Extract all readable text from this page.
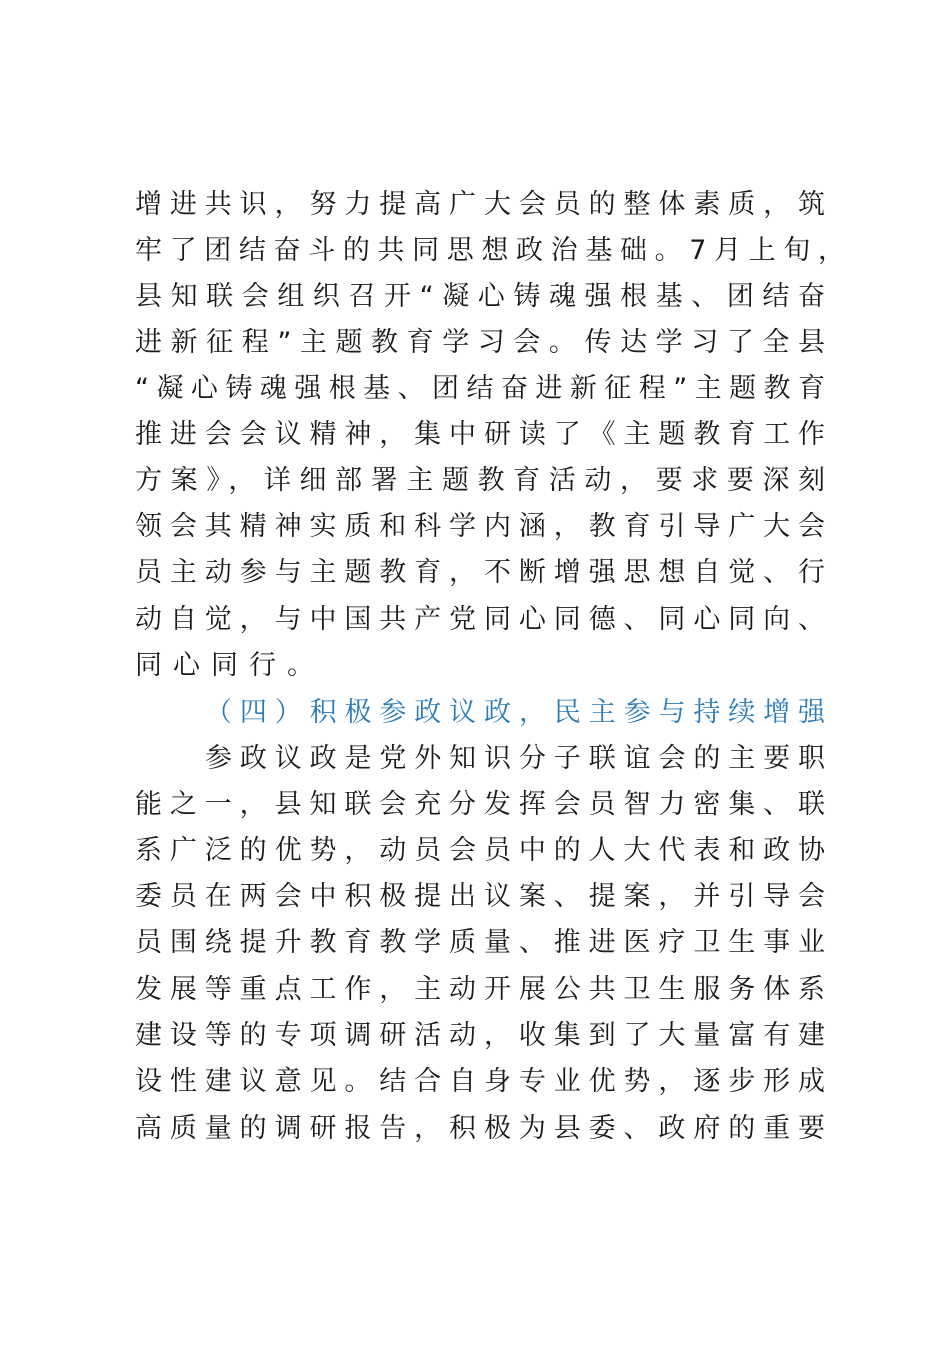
增进共识，努力提高广大会员的整体素质，筑
牢了团结奋斗的共同思想政治基础。7月上旬，
县知联会组织召开“凝心铸魂强根基、团结奋
进新征程”主题教育学习会。传达学习了全县
“凝心铸魂强根基、团结奋进新征程”主题教育
推进会会议精神，集中研读了《主题教育工作
方案》，详细部署主题教育活动，要求要深刻
领会其精神实质和科学内涵，教育引导广大会
员主动参与主题教育，不断增强思想自觉、行
动自觉，与中国共产党同心同德、同心同向、
同心同行。
（四）积极参政议政，民主参与持续增强
参政议政是党外知识分子联谊会的主要职
能之一，县知联会充分发挥会员智力密集、联
系广泛的优势，动员会员中的人大代表和政协
委员在两会中积极提出议案、提案，并引导会
员围绕提升教育教学质量、推进医疗卫生事业
发展等重点工作，主动开展公共卫生服务体系
建设等的专项调研活动，收集到了大量富有建
设性建议意见。结合自身专业优势，逐步形成
高质量的调研报告，积极为县委、政府的重要
